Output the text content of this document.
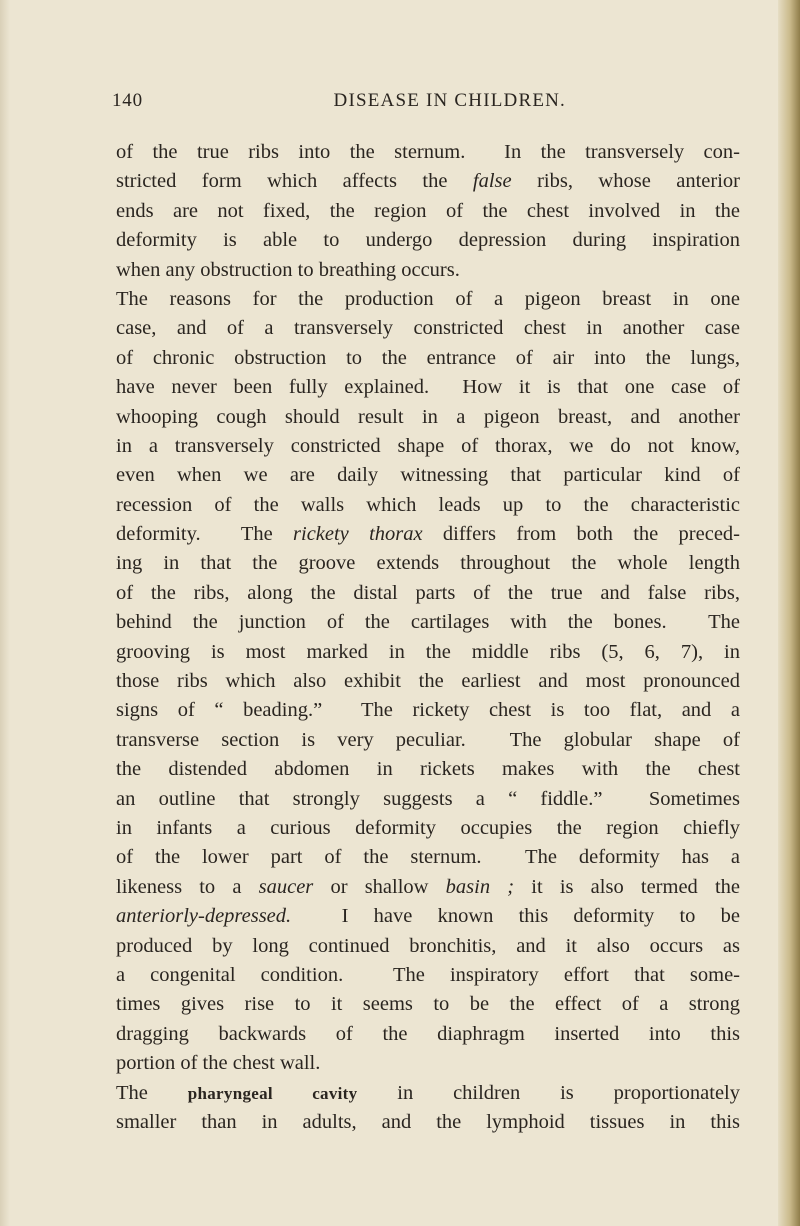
140	DISEASE IN CHILDREN.
of the true ribs into the sternum.  In the transversely con-
stricted form which affects the false ribs, whose anterior
ends are not fixed, the region of the chest involved in the
deformity is able to undergo depression during inspiration
when any obstruction to breathing occurs.
The reasons for the production of a pigeon breast in one
case, and of a transversely constricted chest in another case
of chronic obstruction to the entrance of air into the lungs,
have never been fully explained.  How it is that one case of
whooping cough should result in a pigeon breast, and another
in a transversely constricted shape of thorax, we do not know,
even when we are daily witnessing that particular kind of
recession of the walls which leads up to the characteristic
deformity.  The rickety thorax differs from both the preced-
ing in that the groove extends throughout the whole length
of the ribs, along the distal parts of the true and false ribs,
behind the junction of the cartilages with the bones.  The
grooving is most marked in the middle ribs (5, 6, 7), in
those ribs which also exhibit the earliest and most pronounced
signs of “ beading.”  The rickety chest is too flat, and a
transverse section is very peculiar.  The globular shape of
the distended abdomen in rickets makes with the chest
an outline that strongly suggests a “ fiddle.”  Sometimes
in infants a curious deformity occupies the region chiefly
of the lower part of the sternum.  The deformity has a
likeness to a saucer or shallow basin ; it is also termed the
anteriorly-depressed.  I have known this deformity to be
produced by long continued bronchitis, and it also occurs as
a congenital condition.  The inspiratory effort that some-
times gives rise to it seems to be the effect of a strong
dragging backwards of the diaphragm inserted into this
portion of the chest wall.
The pharyngeal cavity in children is proportionately
smaller than in adults, and the lymphoid tissues in this
